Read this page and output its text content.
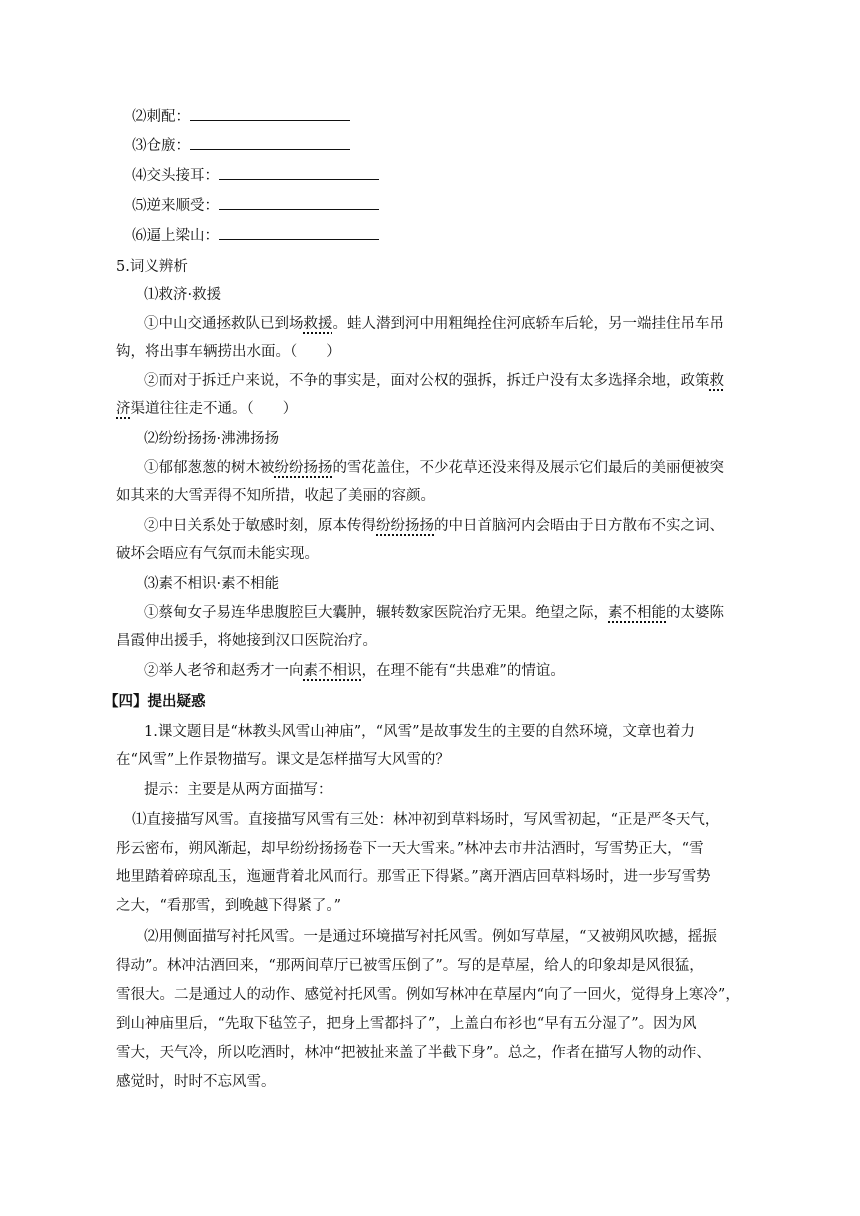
⑵刺配：
⑶仓廒：
⑷交头接耳：
⑸逆来顺受：
⑹逼上梁山：
5.词义辨析
⑴救济·救援
①中山交通拯救队已到场救援。蛙人潜到河中用粗绳拴住河底轿车后轮，另一端挂住吊车吊
钩，将出事车辆捞出水面。（　　）
②而对于拆迁户来说，不争的事实是，面对公权的强拆，拆迁户没有太多选择余地，政策救
济渠道往往走不通。（　　）
⑵纷纷扬扬·沸沸扬扬
①郁郁葱葱的树木被纷纷扬扬的雪花盖住，不少花草还没来得及展示它们最后的美丽便被突
如其来的大雪弄得不知所措，收起了美丽的容颜。
②中日关系处于敏感时刻，原本传得纷纷扬扬的中日首脑河内会晤由于日方散布不实之词、
破坏会晤应有气氛而未能实现。
⑶素不相识·素不相能
①蔡甸女子易连华患腹腔巨大囊肿，辗转数家医院治疗无果。绝望之际，素不相能的太婆陈
昌霞伸出援手，将她接到汉口医院治疗。
②举人老爷和赵秀才一向素不相识，在理不能有“共患难”的情谊。
【四】提出疑惑
1.课文题目是“林教头风雪山神庙”，“风雪”是故事发生的主要的自然环境，文章也着力
在“风雪”上作景物描写。课文是怎样描写大风雪的？
提示：主要是从两方面描写：
⑴直接描写风雪。直接描写风雪有三处：林冲初到草料场时，写风雪初起，“正是严冬天气，
彤云密布，朔风渐起，却早纷纷扬扬卷下一天大雪来。”林冲去市井沽酒时，写雪势正大，“雪
地里踏着碎琼乱玉，迤逦背着北风而行。那雪正下得紧。”离开酒店回草料场时，进一步写雪势
之大，“看那雪，到晚越下得紧了。”
⑵用侧面描写衬托风雪。一是通过环境描写衬托风雪。例如写草屋，“又被朔风吹撼，摇振
得动”。林冲沽酒回来，“那两间草厅已被雪压倒了”。写的是草屋，给人的印象却是风很猛，
雪很大。二是通过人的动作、感觉衬托风雪。例如写林冲在草屋内“向了一回火，觉得身上寒冷”，
到山神庙里后，“先取下毡笠子，把身上雪都抖了”，上盖白布衫也“早有五分湿了”。因为风
雪大，天气冷，所以吃酒时，林冲“把被扯来盖了半截下身”。总之，作者在描写人物的动作、
感觉时，时时不忘风雪。
